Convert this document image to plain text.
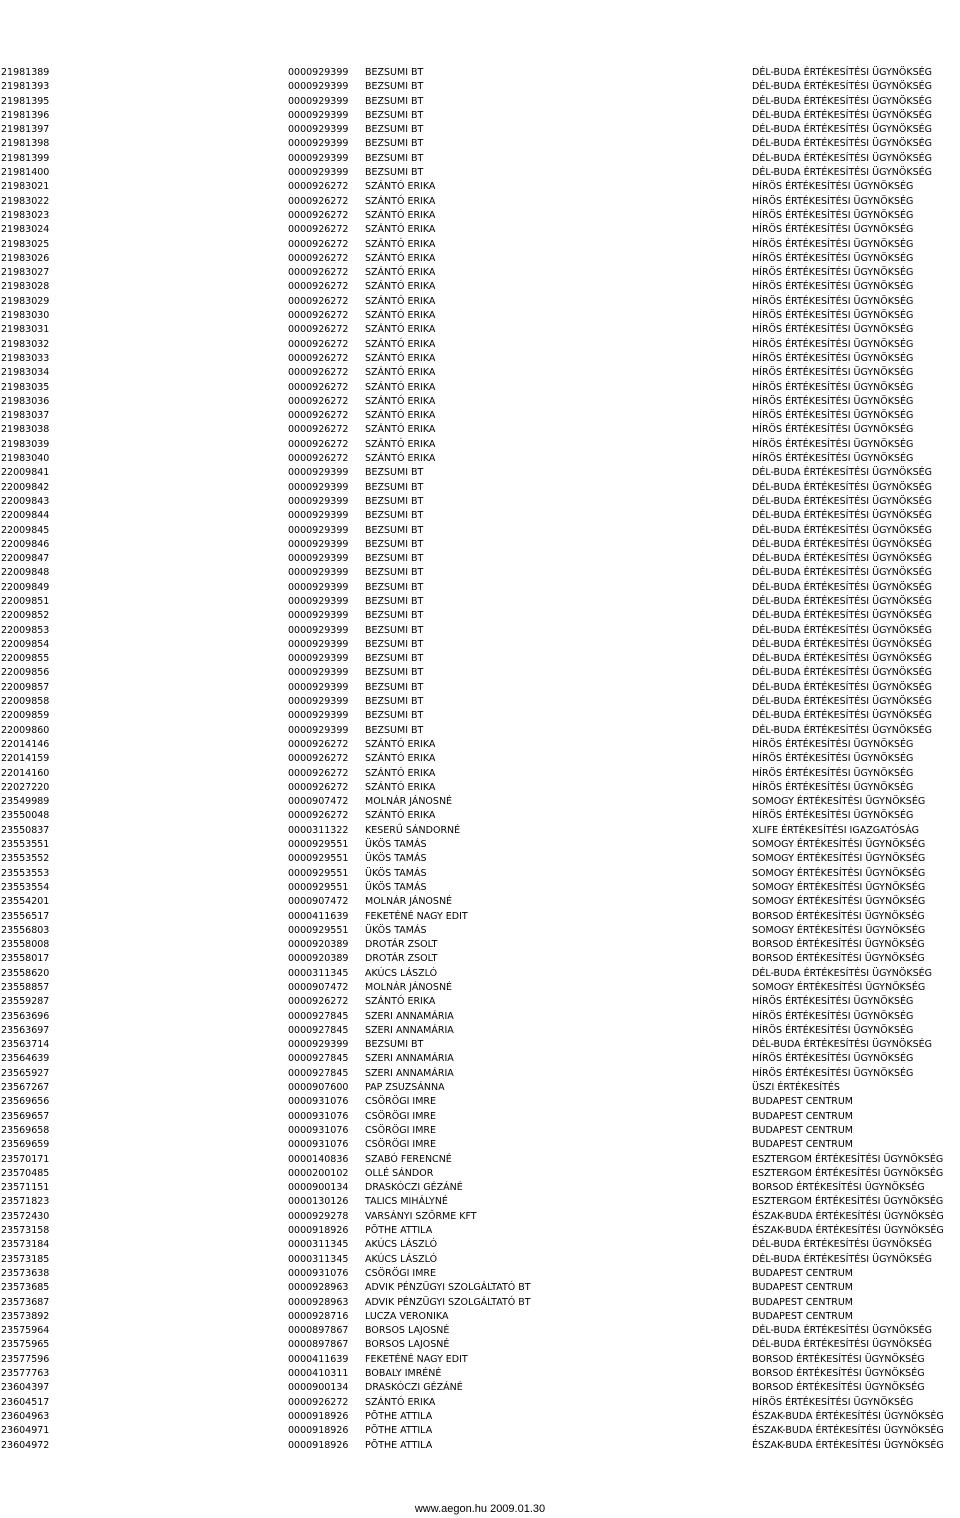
AEGON Általános Biztosító Zrt.
elveszett csekklapok
21981389	0000929399 BEZSUMI BT	DÉL-BUDA ÉRTÉKESÍTÉSI ÜGYNÖKSÉG
21981393	0000929399 BEZSUMI BT	DÉL-BUDA ÉRTÉKESÍTÉSI ÜGYNÖKSÉG
21981395	0000929399 BEZSUMI BT	DÉL-BUDA ÉRTÉKESÍTÉSI ÜGYNÖKSÉG
21981396	0000929399 BEZSUMI BT	DÉL-BUDA ÉRTÉKESÍTÉSI ÜGYNÖKSÉG
21981397	0000929399 BEZSUMI BT	DÉL-BUDA ÉRTÉKESÍTÉSI ÜGYNÖKSÉG
21981398	0000929399 BEZSUMI BT	DÉL-BUDA ÉRTÉKESÍTÉSI ÜGYNÖKSÉG
21981399	0000929399 BEZSUMI BT	DÉL-BUDA ÉRTÉKESÍTÉSI ÜGYNÖKSÉG
21981400	0000929399 BEZSUMI BT	DÉL-BUDA ÉRTÉKESÍTÉSI ÜGYNÖKSÉG
21983021	0000926272 SZÁNTÓ ERIKA	HÍRÖS ÉRTÉKESÍTÉSI ÜGYNÖKSÉG
21983022	0000926272 SZÁNTÓ ERIKA	HÍRÖS ÉRTÉKESÍTÉSI ÜGYNÖKSÉG
21983023	0000926272 SZÁNTÓ ERIKA	HÍRÖS ÉRTÉKESÍTÉSI ÜGYNÖKSÉG
21983024	0000926272 SZÁNTÓ ERIKA	HÍRÖS ÉRTÉKESÍTÉSI ÜGYNÖKSÉG
21983025	0000926272 SZÁNTÓ ERIKA	HÍRÖS ÉRTÉKESÍTÉSI ÜGYNÖKSÉG
21983026	0000926272 SZÁNTÓ ERIKA	HÍRÖS ÉRTÉKESÍTÉSI ÜGYNÖKSÉG
21983027	0000926272 SZÁNTÓ ERIKA	HÍRÖS ÉRTÉKESÍTÉSI ÜGYNÖKSÉG
21983028	0000926272 SZÁNTÓ ERIKA	HÍRÖS ÉRTÉKESÍTÉSI ÜGYNÖKSÉG
21983029	0000926272 SZÁNTÓ ERIKA	HÍRÖS ÉRTÉKESÍTÉSI ÜGYNÖKSÉG
21983030	0000926272 SZÁNTÓ ERIKA	HÍRÖS ÉRTÉKESÍTÉSI ÜGYNÖKSÉG
21983031	0000926272 SZÁNTÓ ERIKA	HÍRÖS ÉRTÉKESÍTÉSI ÜGYNÖKSÉG
21983032	0000926272 SZÁNTÓ ERIKA	HÍRÖS ÉRTÉKESÍTÉSI ÜGYNÖKSÉG
21983033	0000926272 SZÁNTÓ ERIKA	HÍRÖS ÉRTÉKESÍTÉSI ÜGYNÖKSÉG
21983034	0000926272 SZÁNTÓ ERIKA	HÍRÖS ÉRTÉKESÍTÉSI ÜGYNÖKSÉG
21983035	0000926272 SZÁNTÓ ERIKA	HÍRÖS ÉRTÉKESÍTÉSI ÜGYNÖKSÉG
21983036	0000926272 SZÁNTÓ ERIKA	HÍRÖS ÉRTÉKESÍTÉSI ÜGYNÖKSÉG
21983037	0000926272 SZÁNTÓ ERIKA	HÍRÖS ÉRTÉKESÍTÉSI ÜGYNÖKSÉG
21983038	0000926272 SZÁNTÓ ERIKA	HÍRÖS ÉRTÉKESÍTÉSI ÜGYNÖKSÉG
21983039	0000926272 SZÁNTÓ ERIKA	HÍRÖS ÉRTÉKESÍTÉSI ÜGYNÖKSÉG
21983040	0000926272 SZÁNTÓ ERIKA	HÍRÖS ÉRTÉKESÍTÉSI ÜGYNÖKSÉG
22009841	0000929399 BEZSUMI BT	DÉL-BUDA ÉRTÉKESÍTÉSI ÜGYNÖKSÉG
22009842	0000929399 BEZSUMI BT	DÉL-BUDA ÉRTÉKESÍTÉSI ÜGYNÖKSÉG
22009843	0000929399 BEZSUMI BT	DÉL-BUDA ÉRTÉKESÍTÉSI ÜGYNÖKSÉG
22009844	0000929399 BEZSUMI BT	DÉL-BUDA ÉRTÉKESÍTÉSI ÜGYNÖKSÉG
22009845	0000929399 BEZSUMI BT	DÉL-BUDA ÉRTÉKESÍTÉSI ÜGYNÖKSÉG
22009846	0000929399 BEZSUMI BT	DÉL-BUDA ÉRTÉKESÍTÉSI ÜGYNÖKSÉG
22009847	0000929399 BEZSUMI BT	DÉL-BUDA ÉRTÉKESÍTÉSI ÜGYNÖKSÉG
22009848	0000929399 BEZSUMI BT	DÉL-BUDA ÉRTÉKESÍTÉSI ÜGYNÖKSÉG
22009849	0000929399 BEZSUMI BT	DÉL-BUDA ÉRTÉKESÍTÉSI ÜGYNÖKSÉG
22009851	0000929399 BEZSUMI BT	DÉL-BUDA ÉRTÉKESÍTÉSI ÜGYNÖKSÉG
22009852	0000929399 BEZSUMI BT	DÉL-BUDA ÉRTÉKESÍTÉSI ÜGYNÖKSÉG
22009853	0000929399 BEZSUMI BT	DÉL-BUDA ÉRTÉKESÍTÉSI ÜGYNÖKSÉG
22009854	0000929399 BEZSUMI BT	DÉL-BUDA ÉRTÉKESÍTÉSI ÜGYNÖKSÉG
22009855	0000929399 BEZSUMI BT	DÉL-BUDA ÉRTÉKESÍTÉSI ÜGYNÖKSÉG
22009856	0000929399 BEZSUMI BT	DÉL-BUDA ÉRTÉKESÍTÉSI ÜGYNÖKSÉG
22009857	0000929399 BEZSUMI BT	DÉL-BUDA ÉRTÉKESÍTÉSI ÜGYNÖKSÉG
22009858	0000929399 BEZSUMI BT	DÉL-BUDA ÉRTÉKESÍTÉSI ÜGYNÖKSÉG
22009859	0000929399 BEZSUMI BT	DÉL-BUDA ÉRTÉKESÍTÉSI ÜGYNÖKSÉG
22009860	0000929399 BEZSUMI BT	DÉL-BUDA ÉRTÉKESÍTÉSI ÜGYNÖKSÉG
22014146	0000926272 SZÁNTÓ ERIKA	HÍRÖS ÉRTÉKESÍTÉSI ÜGYNÖKSÉG
22014159	0000926272 SZÁNTÓ ERIKA	HÍRÖS ÉRTÉKESÍTÉSI ÜGYNÖKSÉG
22014160	0000926272 SZÁNTÓ ERIKA	HÍRÖS ÉRTÉKESÍTÉSI ÜGYNÖKSÉG
22027220	0000926272 SZÁNTÓ ERIKA	HÍRÖS ÉRTÉKESÍTÉSI ÜGYNÖKSÉG
23549989	0000907472 MOLNÁR JÁNOSNÉ	SOMOGY ÉRTÉKESÍTÉSI ÜGYNÖKSÉG
23550048	0000926272 SZÁNTÓ ERIKA	HÍRÖS ÉRTÉKESÍTÉSI ÜGYNÖKSÉG
23550837	0000311322 KESERŰ SÁNDORNÉ	XLIFE ÉRTÉKESÍTÉSI IGAZGATÓSÁG
23553551	0000929551 ÜKÖS TAMÁS	SOMOGY ÉRTÉKESÍTÉSI ÜGYNÖKSÉG
23553552	0000929551 ÜKÖS TAMÁS	SOMOGY ÉRTÉKESÍTÉSI ÜGYNÖKSÉG
23553553	0000929551 ÜKÖS TAMÁS	SOMOGY ÉRTÉKESÍTÉSI ÜGYNÖKSÉG
23553554	0000929551 ÜKÖS TAMÁS	SOMOGY ÉRTÉKESÍTÉSI ÜGYNÖKSÉG
23554201	0000907472 MOLNÁR JÁNOSNÉ	SOMOGY ÉRTÉKESÍTÉSI ÜGYNÖKSÉG
23556517	0000411639 FEKETÉNÉ NAGY EDIT	BORSOD ÉRTÉKESÍTÉSI ÜGYNÖKSÉG
23556803	0000929551 ÜKÖS TAMÁS	SOMOGY ÉRTÉKESÍTÉSI ÜGYNÖKSÉG
23558008	0000920389 DROTÁR ZSOLT	BORSOD ÉRTÉKESÍTÉSI ÜGYNÖKSÉG
23558017	0000920389 DROTÁR ZSOLT	BORSOD ÉRTÉKESÍTÉSI ÜGYNÖKSÉG
23558620	0000311345 AKÚCS LÁSZLÓ	DÉL-BUDA ÉRTÉKESÍTÉSI ÜGYNÖKSÉG
23558857	0000907472 MOLNÁR JÁNOSNÉ	SOMOGY ÉRTÉKESÍTÉSI ÜGYNÖKSÉG
23559287	0000926272 SZÁNTÓ ERIKA	HÍRÖS ÉRTÉKESÍTÉSI ÜGYNÖKSÉG
23563696	0000927845 SZERI ANNAMÁRIA	HÍRÖS ÉRTÉKESÍTÉSI ÜGYNÖKSÉG
23563697	0000927845 SZERI ANNAMÁRIA	HÍRÖS ÉRTÉKESÍTÉSI ÜGYNÖKSÉG
23563714	0000929399 BEZSUMI BT	DÉL-BUDA ÉRTÉKESÍTÉSI ÜGYNÖKSÉG
23564639	0000927845 SZERI ANNAMÁRIA	HÍRÖS ÉRTÉKESÍTÉSI ÜGYNÖKSÉG
23565927	0000927845 SZERI ANNAMÁRIA	HÍRÖS ÉRTÉKESÍTÉSI ÜGYNÖKSÉG
23567267	0000907600 PAP ZSUZSÁNNA	ÜSZI ÉRTÉKESÍTÉS
23569656	0000931076 CSÖRÖGI IMRE	BUDAPEST CENTRUM
23569657	0000931076 CSÖRÖGI IMRE	BUDAPEST CENTRUM
23569658	0000931076 CSÖRÖGI IMRE	BUDAPEST CENTRUM
23569659	0000931076 CSÖRÖGI IMRE	BUDAPEST CENTRUM
23570171	0000140836 SZABÓ FERENCNÉ	ESZTERGOM ÉRTÉKESÍTÉSI ÜGYNÖKSÉG
23570485	0000200102 OLLÉ SÁNDOR	ESZTERGOM ÉRTÉKESÍTÉSI ÜGYNÖKSÉG
23571151	0000900134 DRASKÓCZI GÉZÁNÉ	BORSOD ÉRTÉKESÍTÉSI ÜGYNÖKSÉG
23571823	0000130126 TALICS MIHÁLYNÉ	ESZTERGOM ÉRTÉKESÍTÉSI ÜGYNÖKSÉG
23572430	0000929278 VARSÁNYI SZŐRME KFT	ÉSZAK-BUDA ÉRTÉKESÍTÉSI ÜGYNÖKSÉG
23573158	0000918926 PÕTHE ATTILA	ÉSZAK-BUDA ÉRTÉKESÍTÉSI ÜGYNÖKSÉG
23573184	0000311345 AKÚCS LÁSZLÓ	DÉL-BUDA ÉRTÉKESÍTÉSI ÜGYNÖKSÉG
23573185	0000311345 AKÚCS LÁSZLÓ	DÉL-BUDA ÉRTÉKESÍTÉSI ÜGYNÖKSÉG
23573638	0000931076 CSÖRÖGI IMRE	BUDAPEST CENTRUM
23573685	0000928963 ADVIK PÉNZÜGYI SZOLGÁLTATÓ BT	BUDAPEST CENTRUM
23573687	0000928963 ADVIK PÉNZÜGYI SZOLGÁLTATÓ BT	BUDAPEST CENTRUM
23573892	0000928716 LUCZA VERONIKA	BUDAPEST CENTRUM
23575964	0000897867 BORSOS LAJOSNÉ	DÉL-BUDA ÉRTÉKESÍTÉSI ÜGYNÖKSÉG
23575965	0000897867 BORSOS LAJOSNÉ	DÉL-BUDA ÉRTÉKESÍTÉSI ÜGYNÖKSÉG
23577596	0000411639 FEKETÉNÉ NAGY EDIT	BORSOD ÉRTÉKESÍTÉSI ÜGYNÖKSÉG
23577763	0000410311 BOBALY IMRÉNÉ	BORSOD ÉRTÉKESÍTÉSI ÜGYNÖKSÉG
23604397	0000900134 DRASKÓCZI GÉZÁNÉ	BORSOD ÉRTÉKESÍTÉSI ÜGYNÖKSÉG
23604517	0000926272 SZÁNTÓ ERIKA	HÍRÖS ÉRTÉKESÍTÉSI ÜGYNÖKSÉG
23604963	0000918926 PÕTHE ATTILA	ÉSZAK-BUDA ÉRTÉKESÍTÉSI ÜGYNÖKSÉG
23604971	0000918926 PÕTHE ATTILA	ÉSZAK-BUDA ÉRTÉKESÍTÉSI ÜGYNÖKSÉG
23604972	0000918926 PÕTHE ATTILA	ÉSZAK-BUDA ÉRTÉKESÍTÉSI ÜGYNÖKSÉG
www.aegon.hu 2009.01.30
